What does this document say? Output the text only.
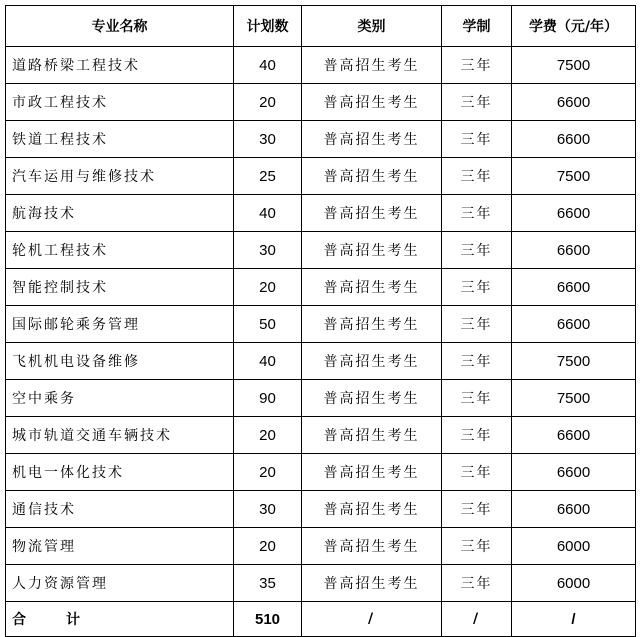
专业名称	计划数	类别	学制	学费（元/年）
道路桥梁工程技术	40	普高招生考生	三年	7500
市政工程技术	20	普高招生考生	三年	6600
铁道工程技术	30	普高招生考生	三年	6600
汽车运用与维修技术	25	普高招生考生	三年	7500
航海技术	40	普高招生考生	三年	6600
轮机工程技术	30	普高招生考生	三年	6600
智能控制技术	20	普高招生考生	三年	6600
国际邮轮乘务管理	50	普高招生考生	三年	6600
飞机机电设备维修	40	普高招生考生	三年	7500
空中乘务	90	普高招生考生	三年	7500
城市轨道交通车辆技术	20	普高招生考生	三年	6600
机电一体化技术	20	普高招生考生	三年	6600
通信技术	30	普高招生考生	三年	6600
物流管理	20	普高招生考生	三年	6000
人力资源管理	35	普高招生考生	三年	6000
合 计	510	/	/	/
